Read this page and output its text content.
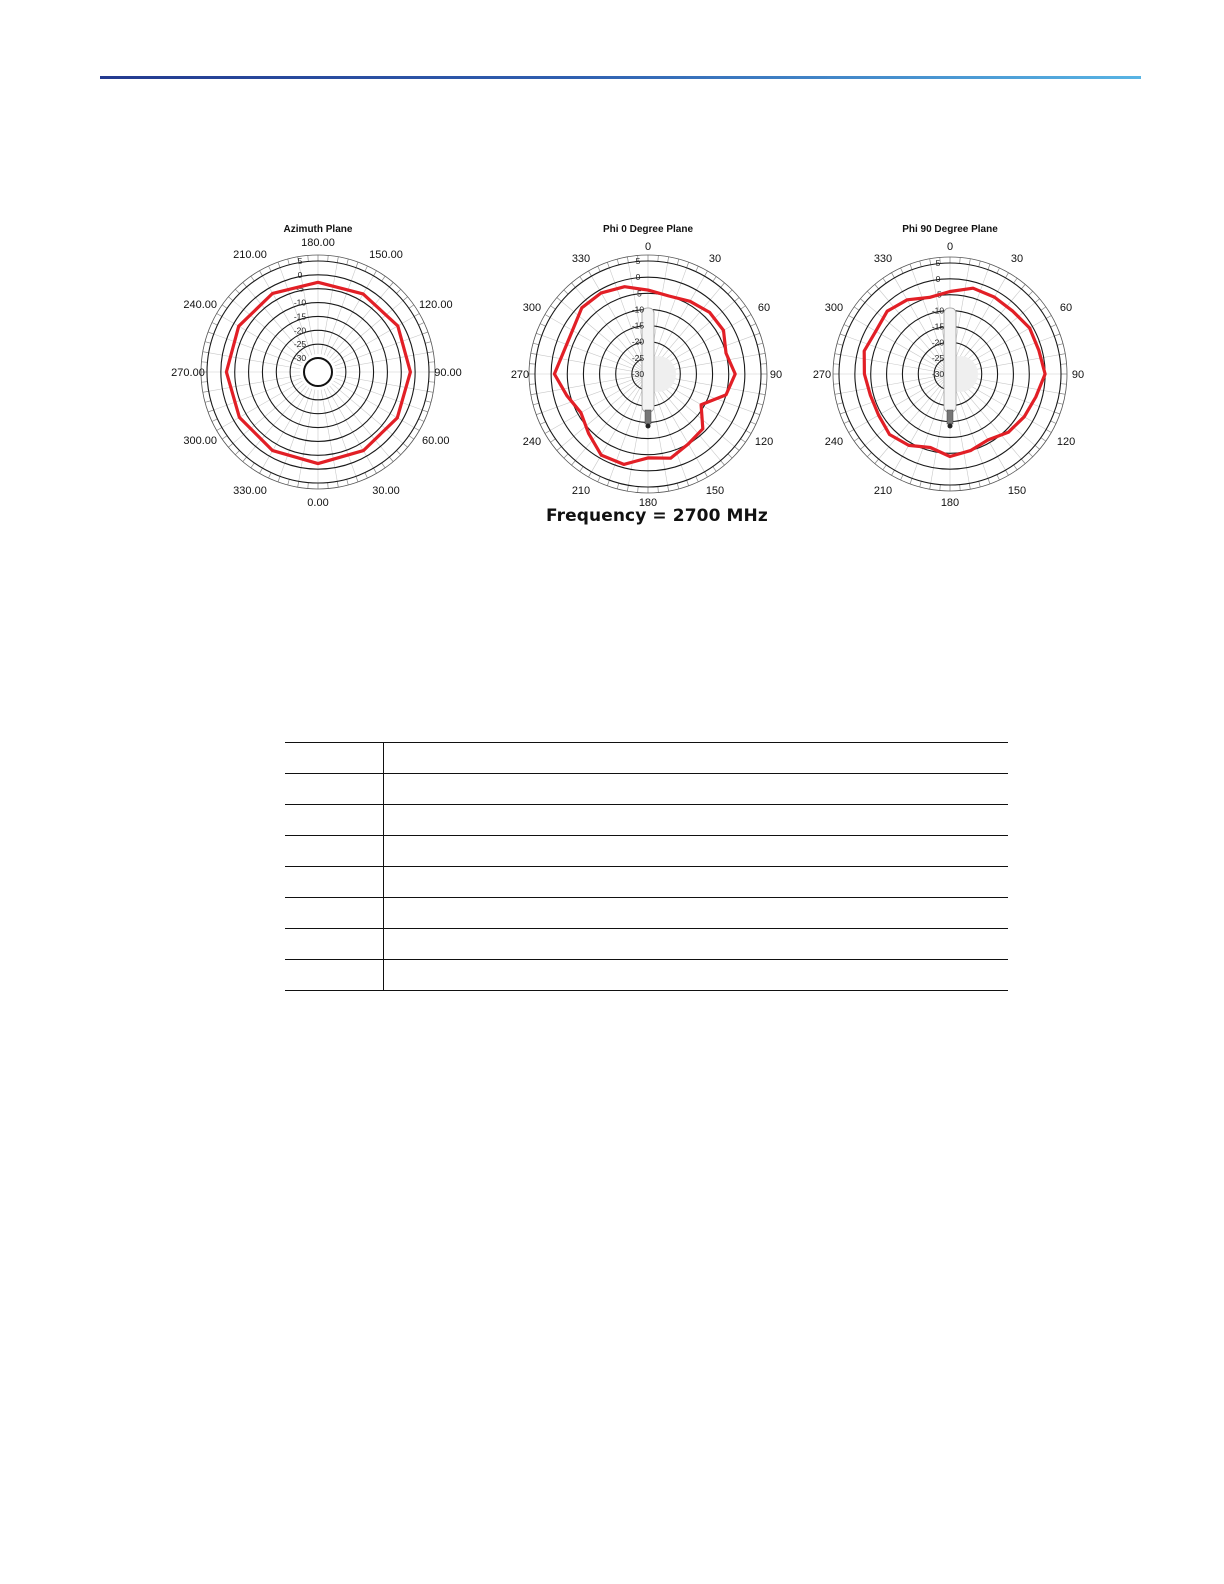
Azimuth Plane
5
0
-5
-10
-15
-20
-25
-30
180.00
150.00
120.00
90.00
60.00
30.00
0.00
330.00
300.00
270.00
240.00
210.00
Phi 0 Degree Plane
5
0
-5
-10
-15
-20
-25
-30
0
30
60
90
120
150
180
210
240
270
300
330
Phi 90 Degree Plane
5
0
-5
-10
-15
-20
-25
-30
0
30
60
90
120
150
180
210
240
270
300
330
Frequency = 2700 MHz
